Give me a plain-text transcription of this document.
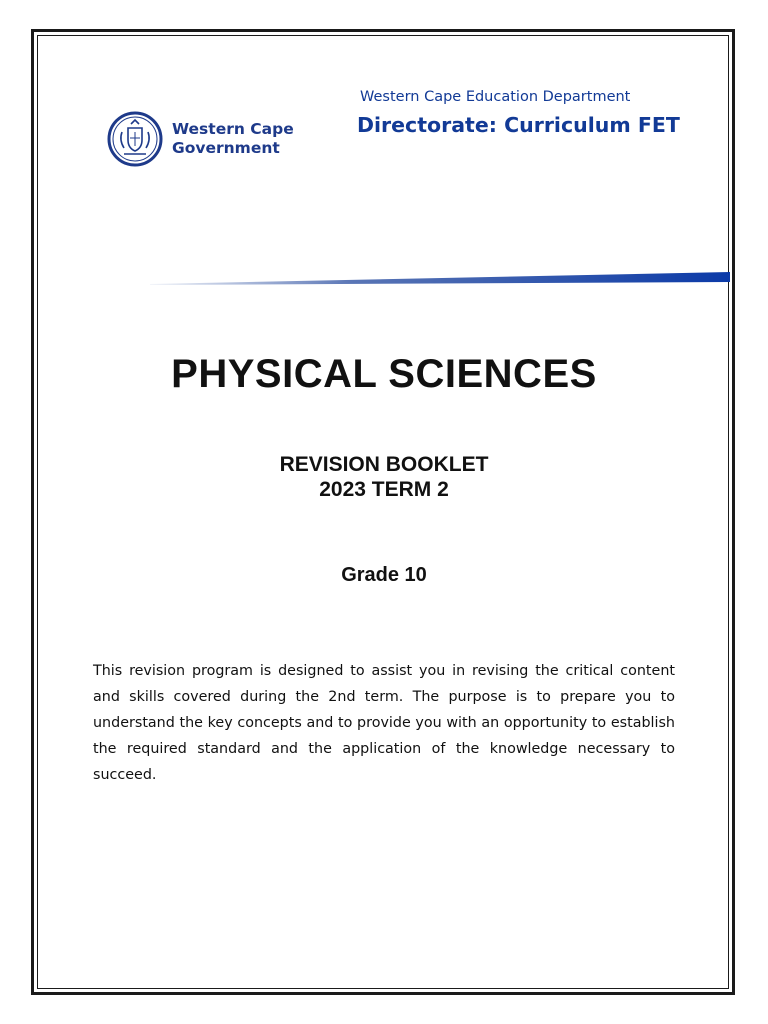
Western Cape
Government
Western Cape Education Department
Directorate: Curriculum FET
PHYSICAL SCIENCES
REVISION BOOKLET
2023 TERM 2
Grade 10
This revision program is designed to assist you in revising the critical content and skills covered during the 2nd term. The purpose is to prepare you to understand the key concepts and to provide you with an opportunity to establish the required standard and the application of the knowledge necessary to succeed.
